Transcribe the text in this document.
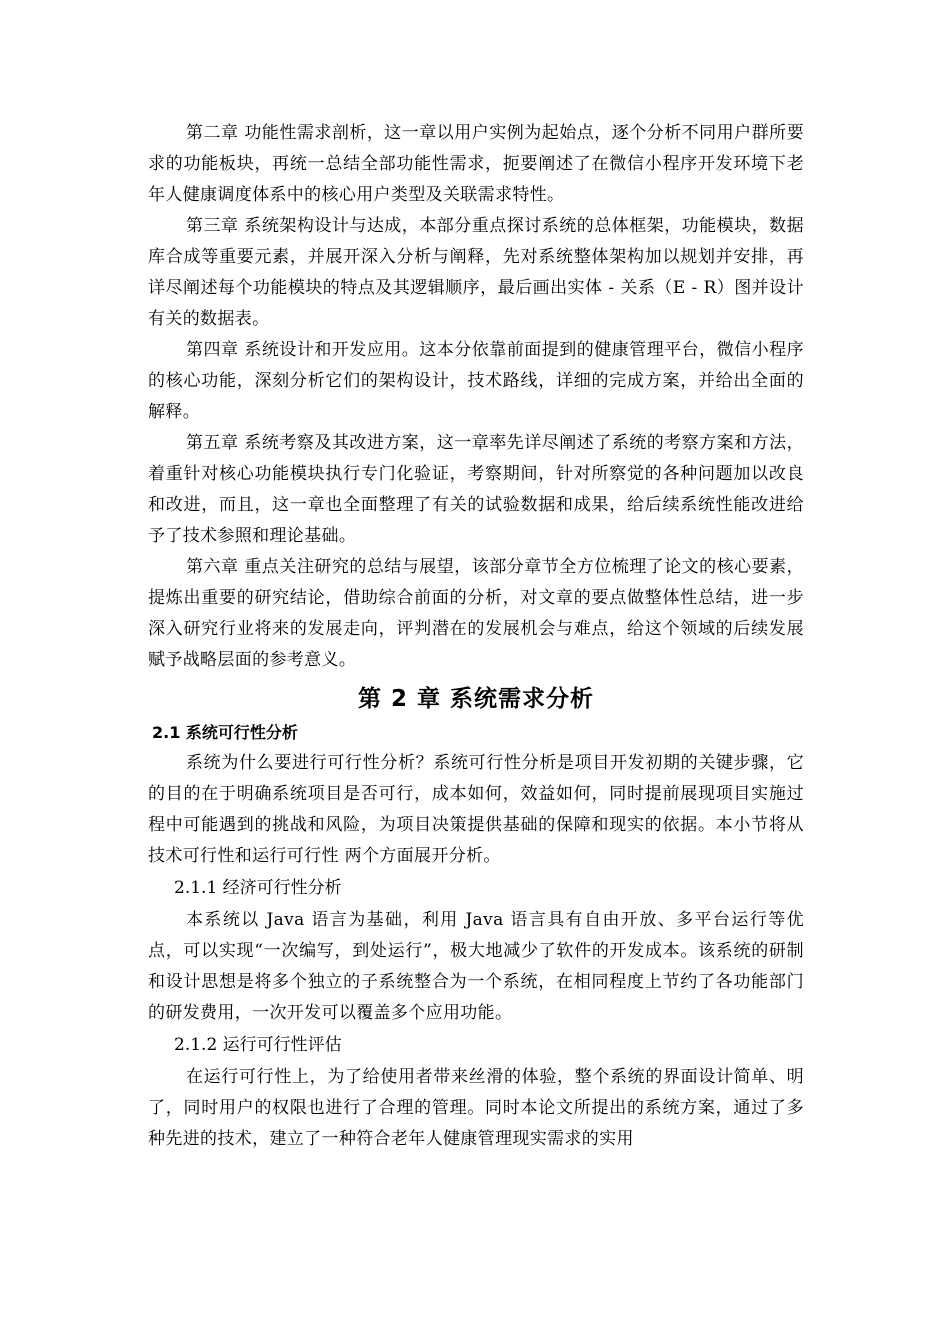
第二章 功能性需求剖析，这一章以用户实例为起始点，逐个分析不同用户群所要求的功能板块，再统一总结全部功能性需求，扼要阐述了在微信小程序开发环境下老年人健康调度体系中的核心用户类型及关联需求特性。

第三章 系统架构设计与达成，本部分重点探讨系统的总体框架，功能模块，数据库合成等重要元素，并展开深入分析与阐释，先对系统整体架构加以规划并安排，再详尽阐述每个功能模块的特点及其逻辑顺序，最后画出实体 - 关系（E - R）图并设计有关的数据表。

第四章 系统设计和开发应用。这本分依靠前面提到的健康管理平台，微信小程序的核心功能，深刻分析它们的架构设计，技术路线，详细的完成方案，并给出全面的解释。

第五章 系统考察及其改进方案，这一章率先详尽阐述了系统的考察方案和方法，着重针对核心功能模块执行专门化验证，考察期间，针对所察觉的各种问题加以改良和改进，而且，这一章也全面整理了有关的试验数据和成果，给后续系统性能改进给予了技术参照和理论基础。

第六章 重点关注研究的总结与展望，该部分章节全方位梳理了论文的核心要素，提炼出重要的研究结论，借助综合前面的分析，对文章的要点做整体性总结，进一步深入研究行业将来的发展走向，评判潜在的发展机会与难点，给这个领域的后续发展赋予战略层面的参考意义。

第 2 章 系统需求分析
2.1 系统可行性分析

系统为什么要进行可行性分析？系统可行性分析是项目开发初期的关键步骤，它的目的在于明确系统项目是否可行，成本如何，效益如何，同时提前展现项目实施过程中可能遇到的挑战和风险，为项目决策提供基础的保障和现实的依据。本小节将从技术可行性和运行可行性 两个方面展开分析。

2.1.1 经济可行性分析

本系统以 Java 语言为基础，利用 Java 语言具有自由开放、多平台运行等优点，可以实现“一次编写，到处运行”，极大地减少了软件的开发成本。该系统的研制和设计思想是将多个独立的子系统整合为一个系统，在相同程度上节约了各功能部门的研发费用，一次开发可以覆盖多个应用功能。

2.1.2 运行可行性评估

在运行可行性上，为了给使用者带来丝滑的体验，整个系统的界面设计简单、明了，同时用户的权限也进行了合理的管理。同时本论文所提出的系统方案，通过了多种先进的技术，建立了一种符合老年人健康管理现实需求的实用
